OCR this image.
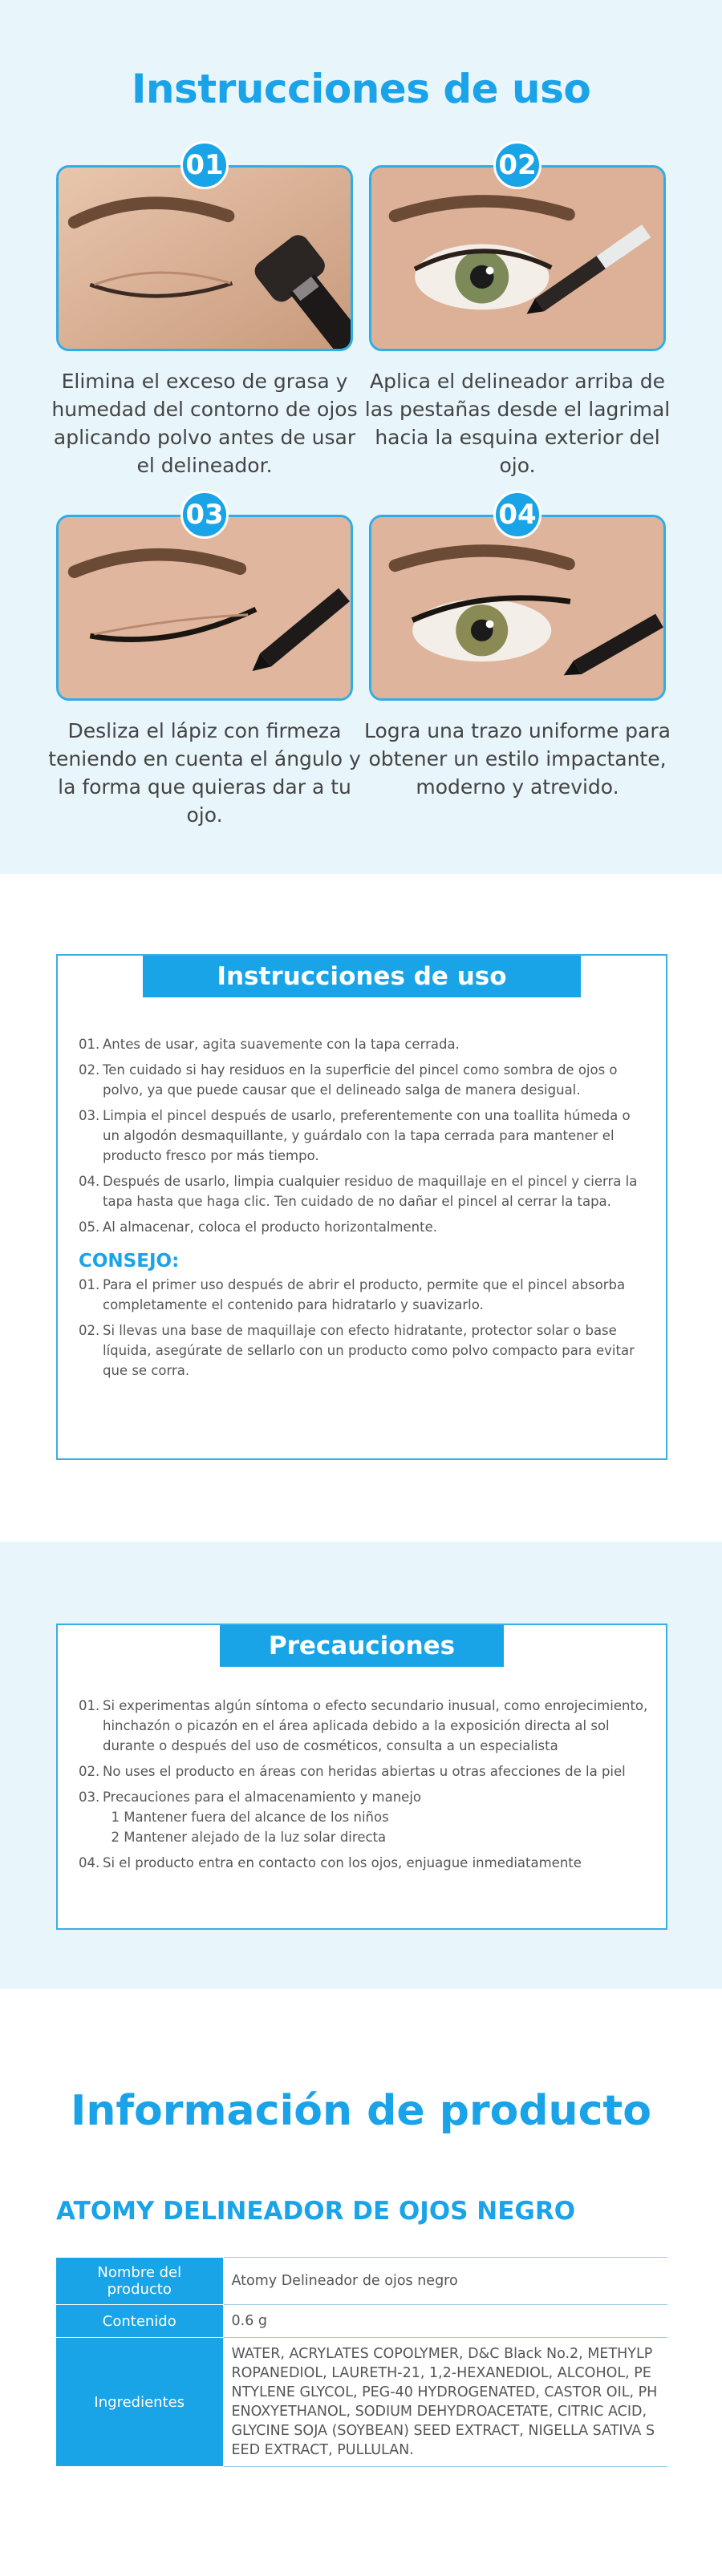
Instrucciones de uso
01
Elimina el exceso de grasa y humedad del contorno de ojos aplicando polvo antes de usar el delineador.
02
Aplica el delineador arriba de las pestañas desde el lagrimal hacia la esquina exterior del ojo.
03
Desliza el lápiz con firmeza teniendo en cuenta el ángulo y la forma que quieras dar a tu ojo.
04
Logra una trazo uniforme para obtener un estilo impactante, moderno y atrevido.
Instrucciones de uso
01. Antes de usar, agita suavemente con la tapa cerrada.
02. Ten cuidado si hay residuos en la superficie del pincel como sombra de ojos o polvo, ya que puede causar que el delineado salga de manera desigual.
03. Limpia el pincel después de usarlo, preferentemente con una toallita húmeda o un algodón desmaquillante, y guárdalo con la tapa cerrada para mantener el producto fresco por más tiempo.
04. Después de usarlo, limpia cualquier residuo de maquillaje en el pincel y cierra la tapa hasta que haga clic. Ten cuidado de no dañar el pincel al cerrar la tapa.
05. Al almacenar, coloca el producto horizontalmente.
CONSEJO:
01. Para el primer uso después de abrir el producto, permite que el pincel absorba completamente el contenido para hidratarlo y suavizarlo.
02. Si llevas una base de maquillaje con efecto hidratante, protector solar o base líquida, asegúrate de sellarlo con un producto como polvo compacto para evitar que se corra.
Precauciones
01. Si experimentas algún síntoma o efecto secundario inusual, como enrojecimiento, hinchazón o picazón en el área aplicada debido a la exposición directa al sol durante o después del uso de cosméticos, consulta a un especialista
02. No uses el producto en áreas con heridas abiertas u otras afecciones de la piel
03. Precauciones para el almacenamiento y manejo
1 Mantener fuera del alcance de los niños
2 Mantener alejado de la luz solar directa
04. Si el producto entra en contacto con los ojos, enjuague inmediatamente
Información de producto
ATOMY DELINEADOR DE OJOS NEGRO
Nombre del producto	Atomy Delineador de ojos negro
Contenido	0.6 g
Ingredientes	WATER, ACRYLATES COPOLYMER, D&C Black No.2, METHYLPROPANEDIOL, LAURETH-21, 1,2-HEXANEDIOL, ALCOHOL, PENTYLENE GLYCOL, PEG-40 HYDROGENATED, CASTOR OIL, PHENOXYETHANOL, SODIUM DEHYDROACETATE, CITRIC ACID, GLYCINE SOJA (SOYBEAN) SEED EXTRACT, NIGELLA SATIVA SEED EXTRACT, PULLULAN.
